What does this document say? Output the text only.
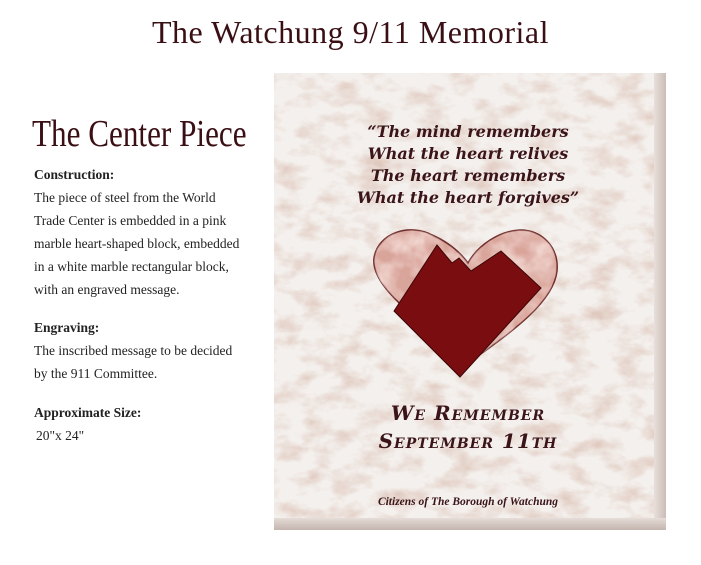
The Watchung 9/11 Memorial
The Center Piece
Construction:
The piece of steel from the World
Trade Center is embedded in a pink
marble heart-shaped block, embedded
in a white marble rectangular block,
with an engraved message.
Engraving:
The inscribed message to be decided
by the 911 Committee.
Approximate Size:
20"x 24"
“The mind remembers
What the heart relives
The heart remembers
What the heart forgives”
We Remember
September 11th
Citizens of The Borough of Watchung
